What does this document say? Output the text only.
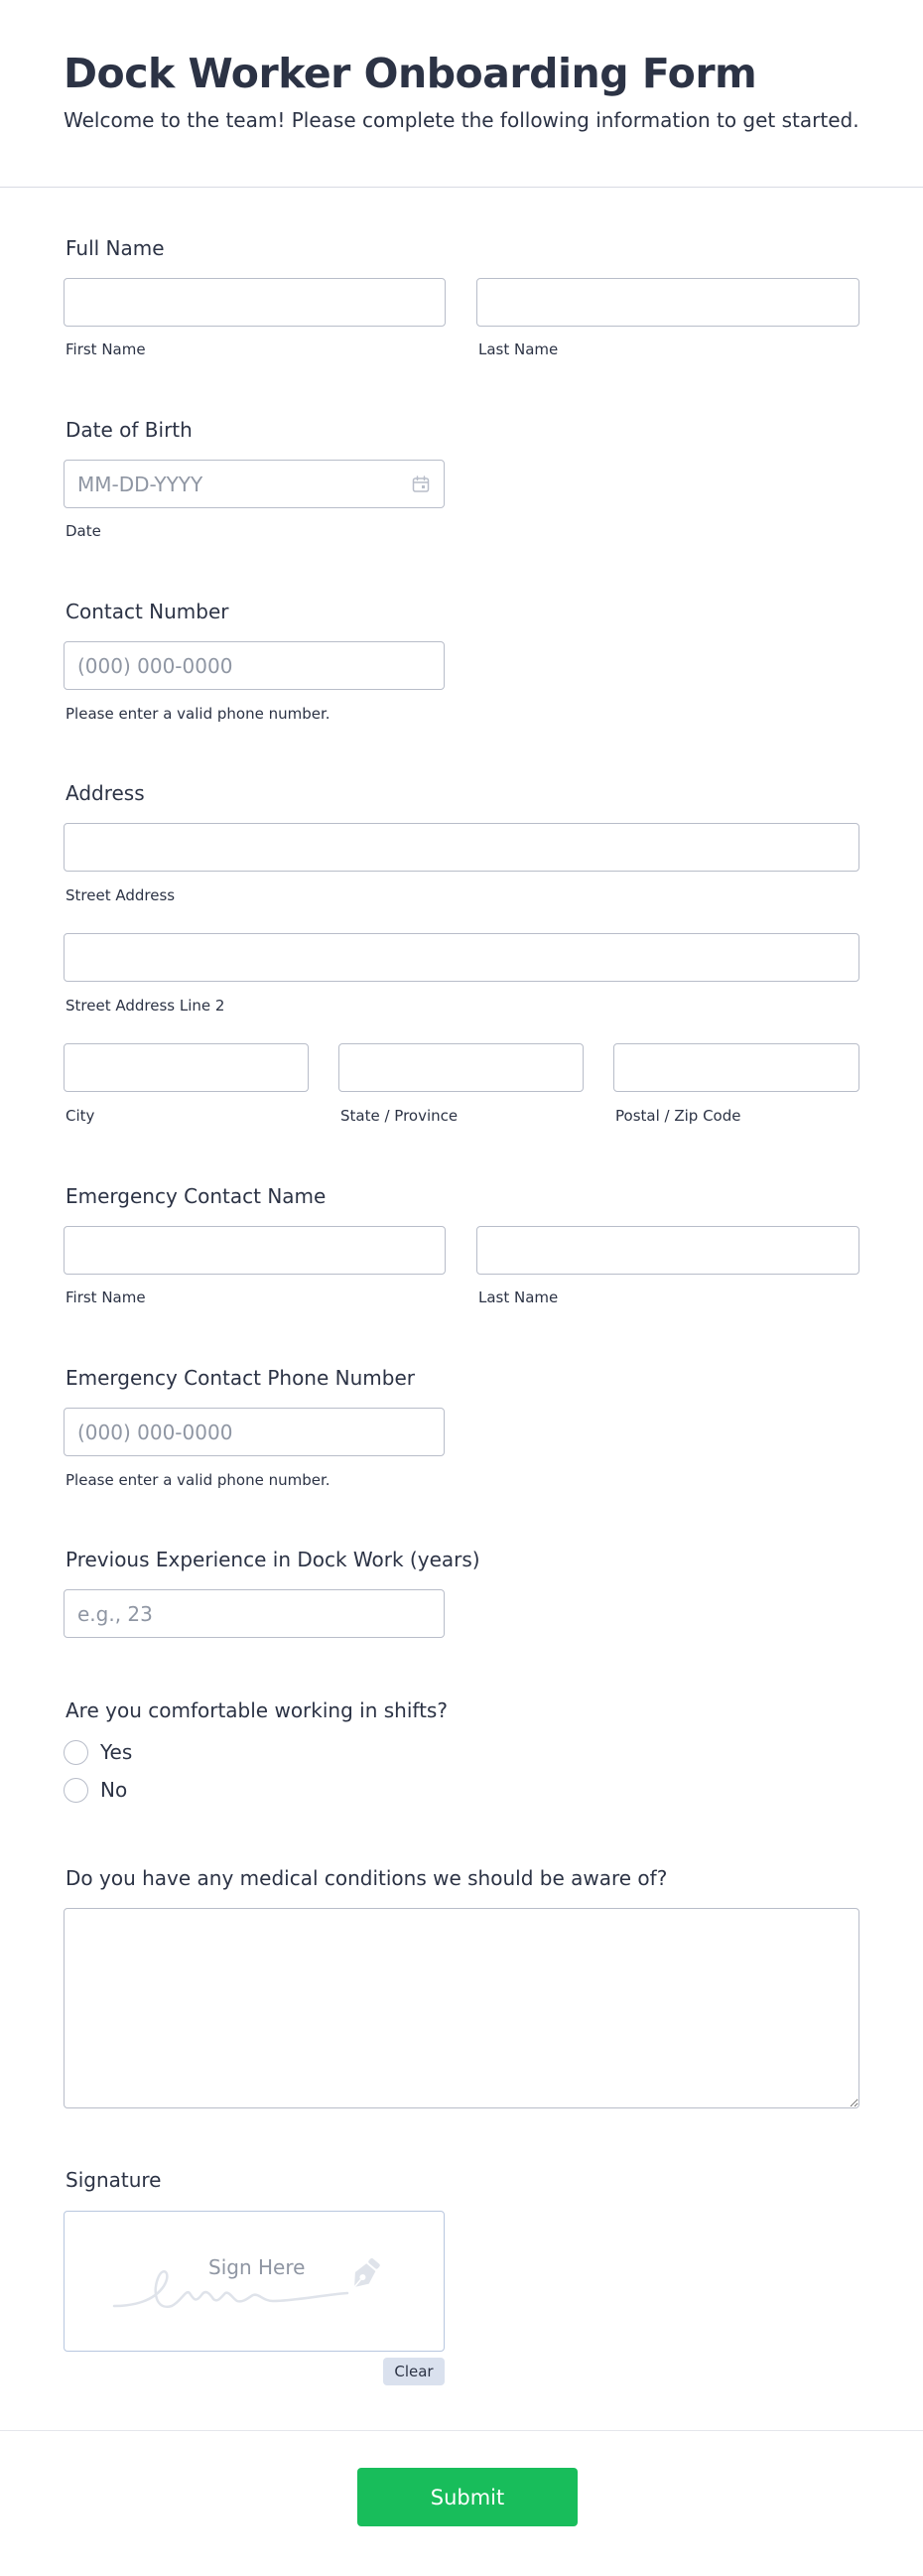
Dock Worker Onboarding Form

Welcome to the team! Please complete the following information to get started.

Full Name
First Name	Last Name
Date of Birth
MM-DD-YYYY
Date
Contact Number
(000) 000-0000
Please enter a valid phone number.
Address
Street Address
Street Address Line 2
City	State / Province	Postal / Zip Code
Emergency Contact Name
First Name	Last Name
Emergency Contact Phone Number
(000) 000-0000
Please enter a valid phone number.
Previous Experience in Dock Work (years)
e.g., 23
Are you comfortable working in shifts?
Yes
No
Do you have any medical conditions we should be aware of?
Signature
Sign Here
Clear
Submit
